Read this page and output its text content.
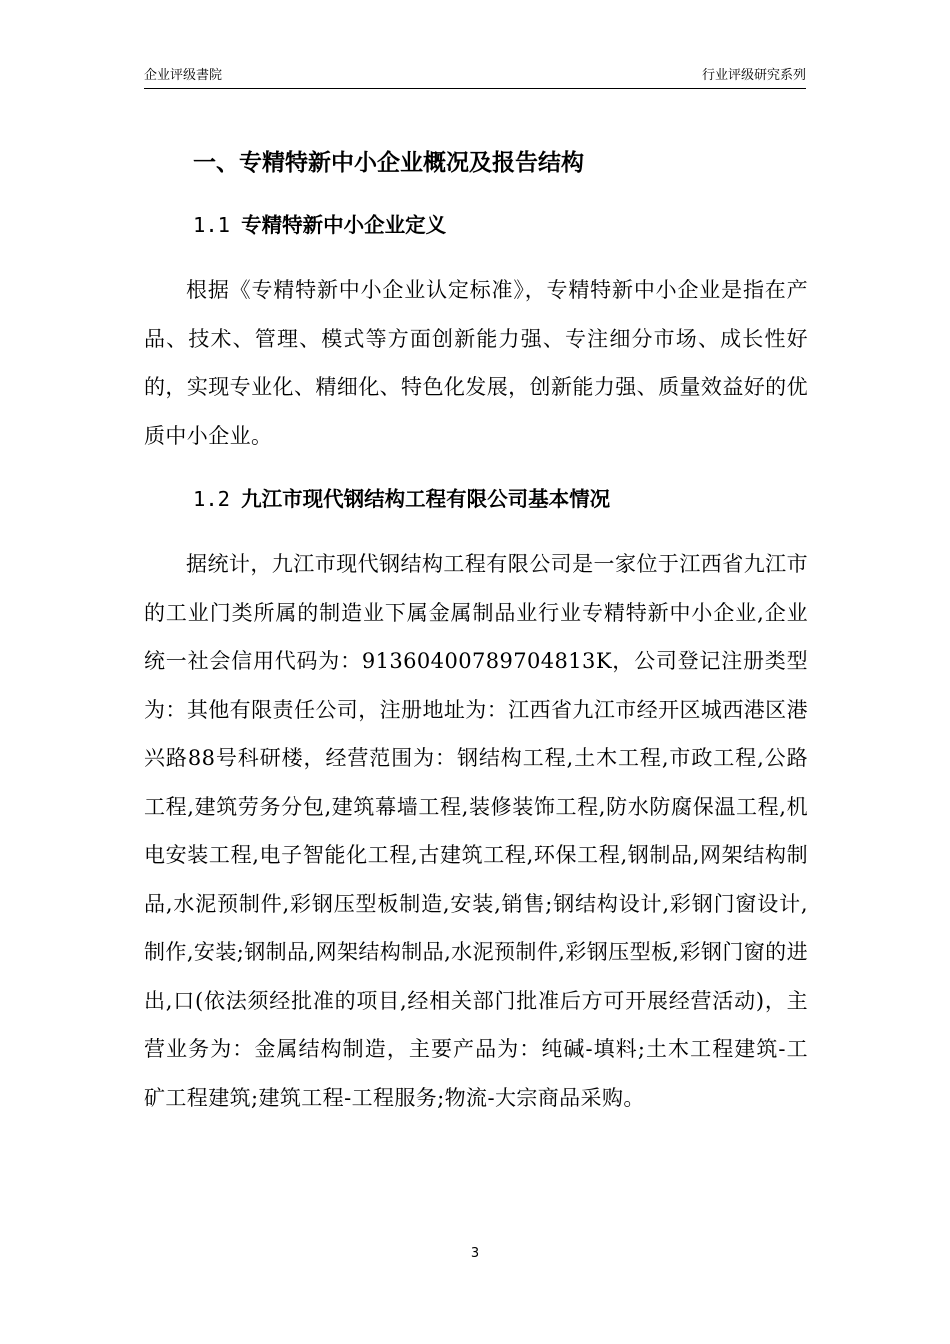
企业评级書院	行业评级研究系列
一、专精特新中小企业概况及报告结构
1.1 专精特新中小企业定义
根据《专精特新中小企业认定标准》，专精特新中小企业是指在产品、技术、管理、模式等方面创新能力强、专注细分市场、成长性好的，实现专业化、精细化、特色化发展，创新能力强、质量效益好的优质中小企业。
1.2 九江市现代钢结构工程有限公司基本情况
据统计，九江市现代钢结构工程有限公司是一家位于江西省九江市的工业门类所属的制造业下属金属制品业行业专精特新中小企业,企业统一社会信用代码为：91360400789704813K，公司登记注册类型为：其他有限责任公司，注册地址为：江西省九江市经开区城西港区港兴路88号科研楼，经营范围为：钢结构工程,土木工程,市政工程,公路工程,建筑劳务分包,建筑幕墙工程,装修装饰工程,防水防腐保温工程,机电安装工程,电子智能化工程,古建筑工程,环保工程,钢制品,网架结构制品,水泥预制件,彩钢压型板制造,安装,销售;钢结构设计,彩钢门窗设计,制作,安装;钢制品,网架结构制品,水泥预制件,彩钢压型板,彩钢门窗的进出,口(依法须经批准的项目,经相关部门批准后方可开展经营活动)，主营业务为：金属结构制造，主要产品为：纯碱-填料;土木工程建筑-工矿工程建筑;建筑工程-工程服务;物流-大宗商品采购。
3
